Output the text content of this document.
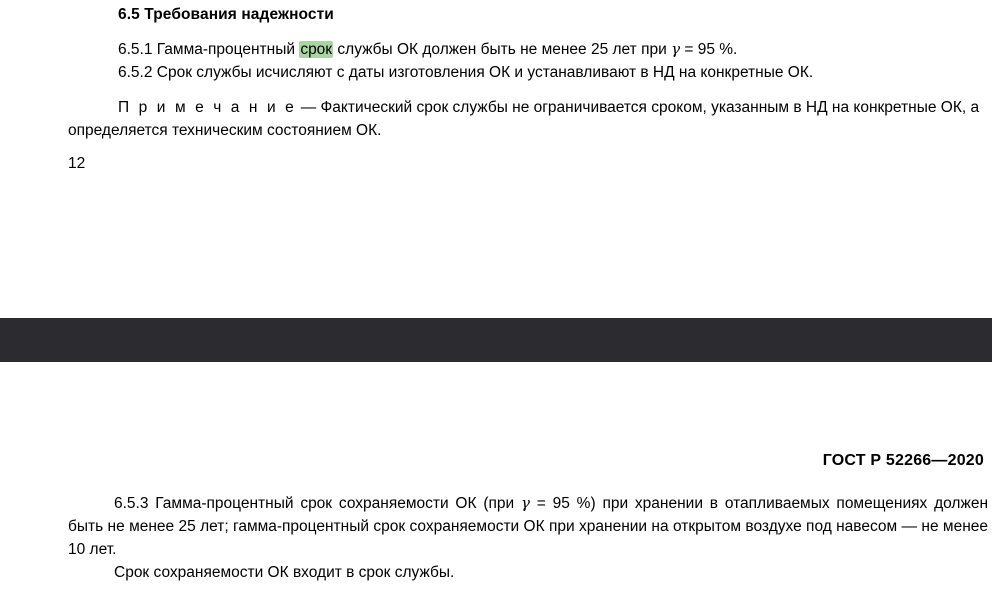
6.5 Требования надежности
6.5.1 Гамма-процентный срок службы ОК должен быть не менее 25 лет при γ = 95 %.
6.5.2 Срок службы исчисляют с даты изготовления ОК и устанавливают в НД на конкретные ОК.
П р и м е ч а н и е — Фактический срок службы не ограничивается сроком, указанным в НД на конкретные ОК, а определяется техническим состоянием ОК.
12
ГОСТ Р 52266—2020
6.5.3 Гамма-процентный срок сохраняемости ОК (при γ = 95 %) при хранении в отапливаемых помещениях должен быть не менее 25 лет; гамма-процентный срок сохраняемости ОК при хранении на открытом воздухе под навесом — не менее 10 лет.
Срок сохраняемости ОК входит в срок службы.
